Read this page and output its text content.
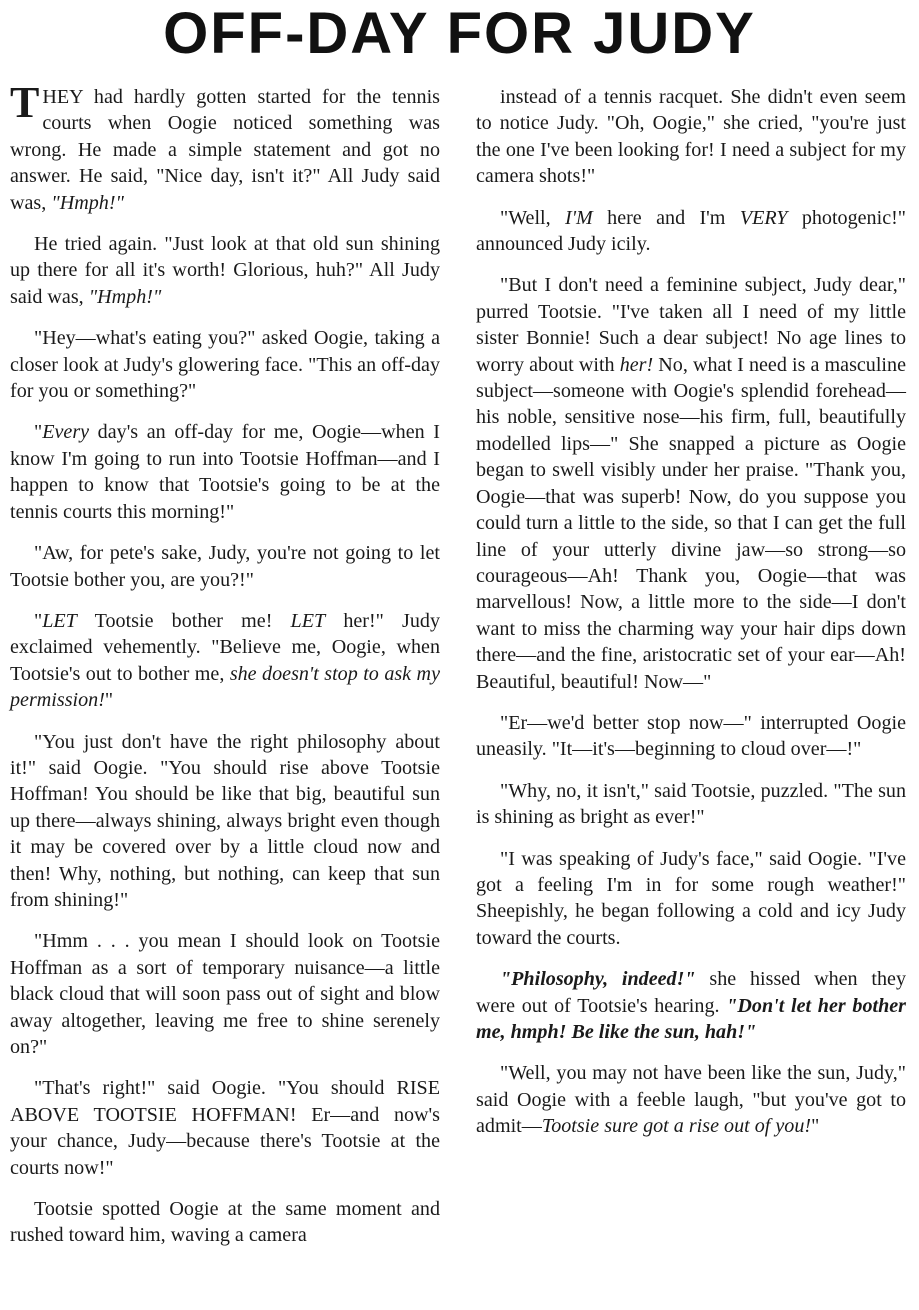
OFF-DAY FOR JUDY

THEY had hardly gotten started for the tennis courts when Oogie noticed something was wrong. He made a simple statement and got no answer. He said, "Nice day, isn't it?" All Judy said was, "Hmph!"

He tried again. "Just look at that old sun shining up there for all it's worth! Glorious, huh?" All Judy said was, "Hmph!"

"Hey—what's eating you?" asked Oogie, taking a closer look at Judy's glowering face. "This an off-day for you or something?"

"Every day's an off-day for me, Oogie—when I know I'm going to run into Tootsie Hoffman—and I happen to know that Tootsie's going to be at the tennis courts this morning!"

"Aw, for pete's sake, Judy, you're not going to let Tootsie bother you, are you?!"

"LET Tootsie bother me! LET her!" Judy exclaimed vehemently. "Believe me, Oogie, when Tootsie's out to bother me, she doesn't stop to ask my permission!"

"You just don't have the right philosophy about it!" said Oogie. "You should rise above Tootsie Hoffman! You should be like that big, beautiful sun up there—always shining, always bright even though it may be covered over by a little cloud now and then! Why, nothing, but nothing, can keep that sun from shining!"

"Hmm . . . you mean I should look on Tootsie Hoffman as a sort of temporary nuisance—a little black cloud that will soon pass out of sight and blow away altogether, leaving me free to shine serenely on?"

"That's right!" said Oogie. "You should RISE ABOVE TOOTSIE HOFFMAN! Er—and now's your chance, Judy—because there's Tootsie at the courts now!"

Tootsie spotted Oogie at the same moment and rushed toward him, waving a camera

instead of a tennis racquet. She didn't even seem to notice Judy. "Oh, Oogie," she cried, "you're just the one I've been looking for! I need a subject for my camera shots!"

"Well, I'M here and I'm VERY photogenic!" announced Judy icily.

"But I don't need a feminine subject, Judy dear," purred Tootsie. "I've taken all I need of my little sister Bonnie! Such a dear subject! No age lines to worry about with her! No, what I need is a masculine subject—someone with Oogie's splendid forehead—his noble, sensitive nose—his firm, full, beautifully modelled lips—" She snapped a picture as Oogie began to swell visibly under her praise. "Thank you, Oogie—that was superb! Now, do you suppose you could turn a little to the side, so that I can get the full line of your utterly divine jaw—so strong—so courageous—Ah! Thank you, Oogie—that was marvellous! Now, a little more to the side—I don't want to miss the charming way your hair dips down there—and the fine, aristocratic set of your ear—Ah! Beautiful, beautiful! Now—"

"Er—we'd better stop now—" interrupted Oogie uneasily. "It—it's—beginning to cloud over—!"

"Why, no, it isn't," said Tootsie, puzzled. "The sun is shining as bright as ever!"

"I was speaking of Judy's face," said Oogie. "I've got a feeling I'm in for some rough weather!" Sheepishly, he began following a cold and icy Judy toward the courts.

"Philosophy, indeed!" she hissed when they were out of Tootsie's hearing. "Don't let her bother me, hmph! Be like the sun, hah!"

"Well, you may not have been like the sun, Judy," said Oogie with a feeble laugh, "but you've got to admit—Tootsie sure got a rise out of you!"
